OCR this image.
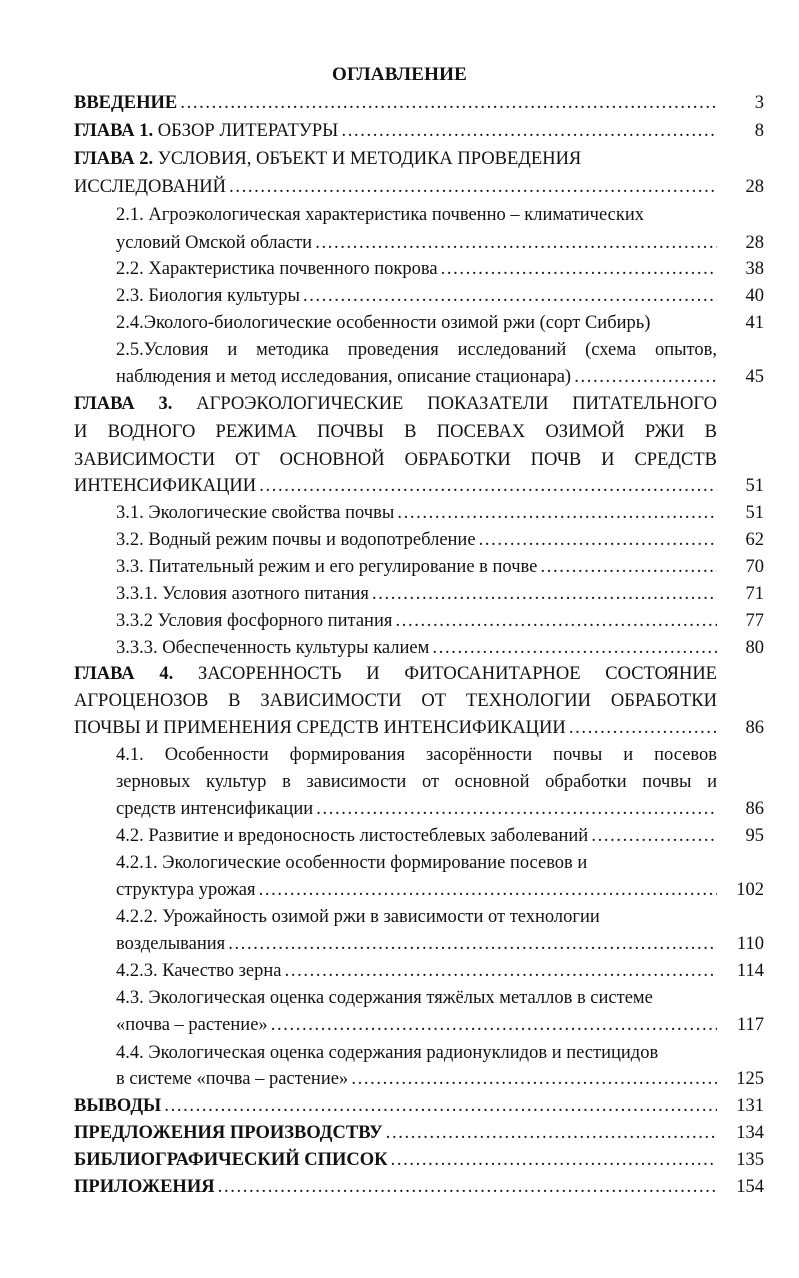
ОГЛАВЛЕНИЕ
ВВЕДЕНИЕ . . .	3
ГЛАВА 1. ОБЗОР ЛИТЕРАТУРЫ . . .	8
ГЛАВА 2. УСЛОВИЯ, ОБЪЕКТ И МЕТОДИКА ПРОВЕДЕНИЯ
ИССЛЕДОВАНИЙ . . .	28
2.1. Агроэкологическая характеристика почвенно – климатических
условий Омской области . . .	28
2.2. Характеристика почвенного покрова . . .	38
2.3. Биология культуры . . .	40
2.4.Эколого-биологические особенности озимой ржи (сорт Сибирь)	41
2.5.Условия и методика проведения исследований (схема опытов,
наблюдения и метод исследования, описание стационара) . . .	45
ГЛАВА 3. АГРОЭКОЛОГИЧЕСКИЕ ПОКАЗАТЕЛИ ПИТАТЕЛЬНОГО
И ВОДНОГО РЕЖИМА ПОЧВЫ В ПОСЕВАХ ОЗИМОЙ РЖИ В
ЗАВИСИМОСТИ ОТ ОСНОВНОЙ ОБРАБОТКИ ПОЧВ И СРЕДСТВ
ИНТЕНСИФИКАЦИИ . . .	51
3.1. Экологические свойства почвы . . .	51
3.2. Водный режим почвы и водопотребление . . .	62
3.3. Питательный режим и его регулирование в почве . . .	70
3.3.1. Условия азотного питания . . .	71
3.3.2 Условия фосфорного питания . . .	77
3.3.3. Обеспеченность культуры калием . . .	80
ГЛАВА 4. ЗАСОРЕННОСТЬ И ФИТОСАНИТАРНОЕ СОСТОЯНИЕ
АГРОЦЕНОЗОВ В ЗАВИСИМОСТИ ОТ ТЕХНОЛОГИИ ОБРАБОТКИ
ПОЧВЫ И ПРИМЕНЕНИЯ СРЕДСТВ ИНТЕНСИФИКАЦИИ . . .	86
4.1. Особенности формирования засорённости почвы и посевов
зерновых культур в зависимости от основной обработки почвы и
средств интенсификации . . .	86
4.2. Развитие и вредоносность листостеблевых заболеваний . . .	95
4.2.1. Экологические особенности формирование посевов и
структура урожая . . .	102
4.2.2. Урожайность озимой ржи в зависимости от технологии
возделывания . . .	110
4.2.3. Качество зерна . . .	114
4.3. Экологическая оценка содержания тяжёлых металлов в системе
«почва – растение» . . .	117
4.4. Экологическая оценка содержания радионуклидов и пестицидов
в системе «почва – растение» . . .	125
ВЫВОДЫ . . .	131
ПРЕДЛОЖЕНИЯ ПРОИЗВОДСТВУ . . .	134
БИБЛИОГРАФИЧЕСКИЙ СПИСОК . . .	135
ПРИЛОЖЕНИЯ . . .	154
